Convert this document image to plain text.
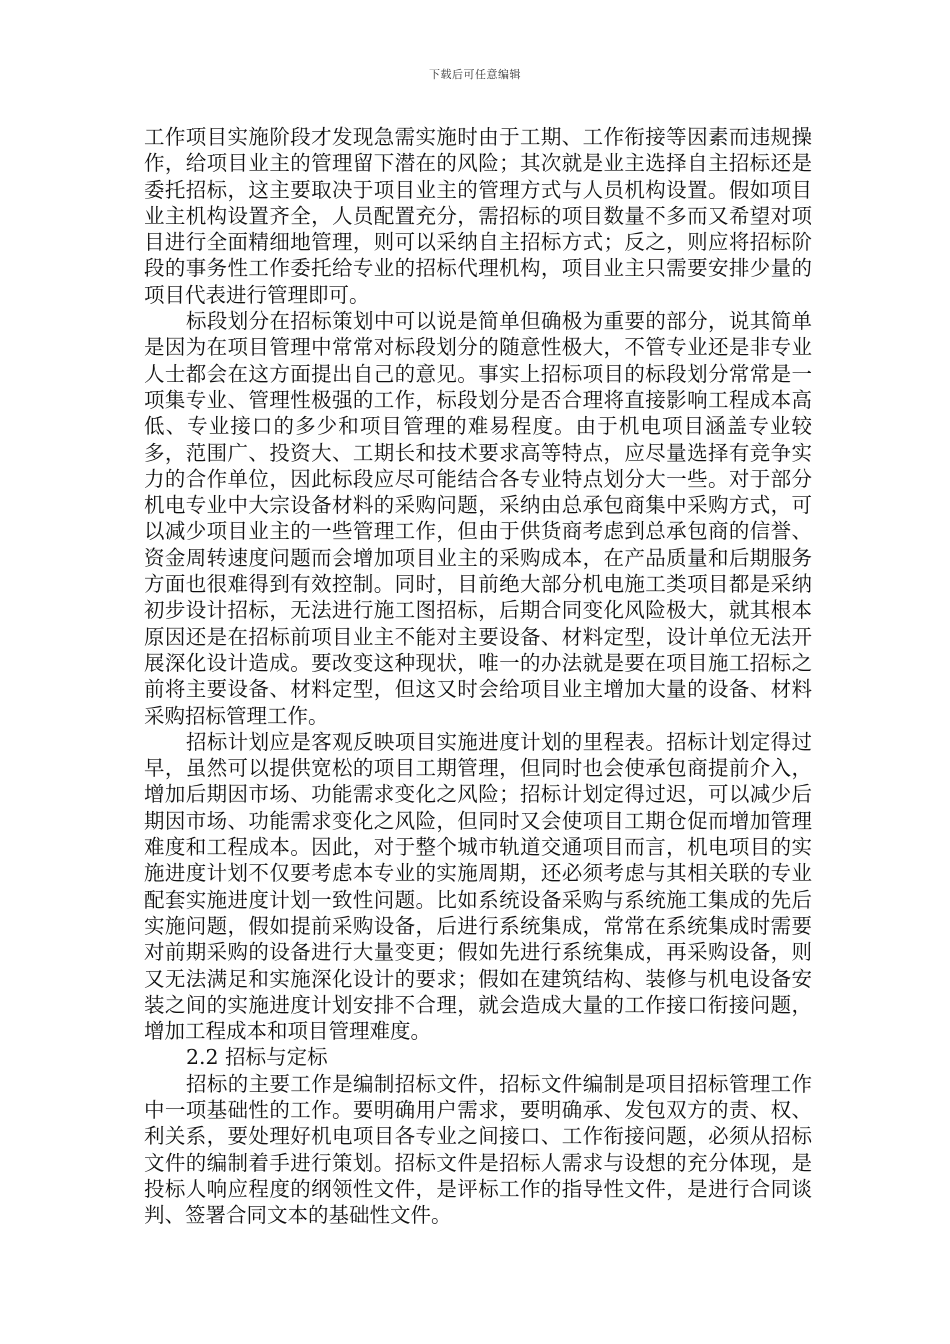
下载后可任意编辑

工作项目实施阶段才发现急需实施时由于工期、工作衔接等因素而违规操作，给项目业主的管理留下潜在的风险；其次就是业主选择自主招标还是委托招标，这主要取决于项目业主的管理方式与人员机构设置。假如项目业主机构设置齐全，人员配置充分，需招标的项目数量不多而又希望对项目进行全面精细地管理，则可以采纳自主招标方式；反之，则应将招标阶段的事务性工作委托给专业的招标代理机构，项目业主只需要安排少量的项目代表进行管理即可。

标段划分在招标策划中可以说是简单但确极为重要的部分，说其简单是因为在项目管理中常常对标段划分的随意性极大，不管专业还是非专业人士都会在这方面提出自己的意见。事实上招标项目的标段划分常常是一项集专业、管理性极强的工作，标段划分是否合理将直接影响工程成本高低、专业接口的多少和项目管理的难易程度。由于机电项目涵盖专业较多，范围广、投资大、工期长和技术要求高等特点，应尽量选择有竞争实力的合作单位，因此标段应尽可能结合各专业特点划分大一些。对于部分机电专业中大宗设备材料的采购问题，采纳由总承包商集中采购方式，可以减少项目业主的一些管理工作，但由于供货商考虑到总承包商的信誉、资金周转速度问题而会增加项目业主的采购成本，在产品质量和后期服务方面也很难得到有效控制。同时，目前绝大部分机电施工类项目都是采纳初步设计招标，无法进行施工图招标，后期合同变化风险极大，就其根本原因还是在招标前项目业主不能对主要设备、材料定型，设计单位无法开展深化设计造成。要改变这种现状，唯一的办法就是要在项目施工招标之前将主要设备、材料定型，但这又时会给项目业主增加大量的设备、材料采购招标管理工作。

招标计划应是客观反映项目实施进度计划的里程表。招标计划定得过早，虽然可以提供宽松的项目工期管理，但同时也会使承包商提前介入，增加后期因市场、功能需求变化之风险；招标计划定得过迟，可以减少后期因市场、功能需求变化之风险，但同时又会使项目工期仓促而增加管理难度和工程成本。因此，对于整个城市轨道交通项目而言，机电项目的实施进度计划不仅要考虑本专业的实施周期，还必须考虑与其相关联的专业配套实施进度计划一致性问题。比如系统设备采购与系统施工集成的先后实施问题，假如提前采购设备，后进行系统集成，常常在系统集成时需要对前期采购的设备进行大量变更；假如先进行系统集成，再采购设备，则又无法满足和实施深化设计的要求；假如在建筑结构、装修与机电设备安装之间的实施进度计划安排不合理，就会造成大量的工作接口衔接问题，增加工程成本和项目管理难度。

2.2 招标与定标

招标的主要工作是编制招标文件，招标文件编制是项目招标管理工作中一项基础性的工作。要明确用户需求，要明确承、发包双方的责、权、利关系，要处理好机电项目各专业之间接口、工作衔接问题，必须从招标文件的编制着手进行策划。招标文件是招标人需求与设想的充分体现，是投标人响应程度的纲领性文件，是评标工作的指导性文件，是进行合同谈判、签署合同文本的基础性文件。
